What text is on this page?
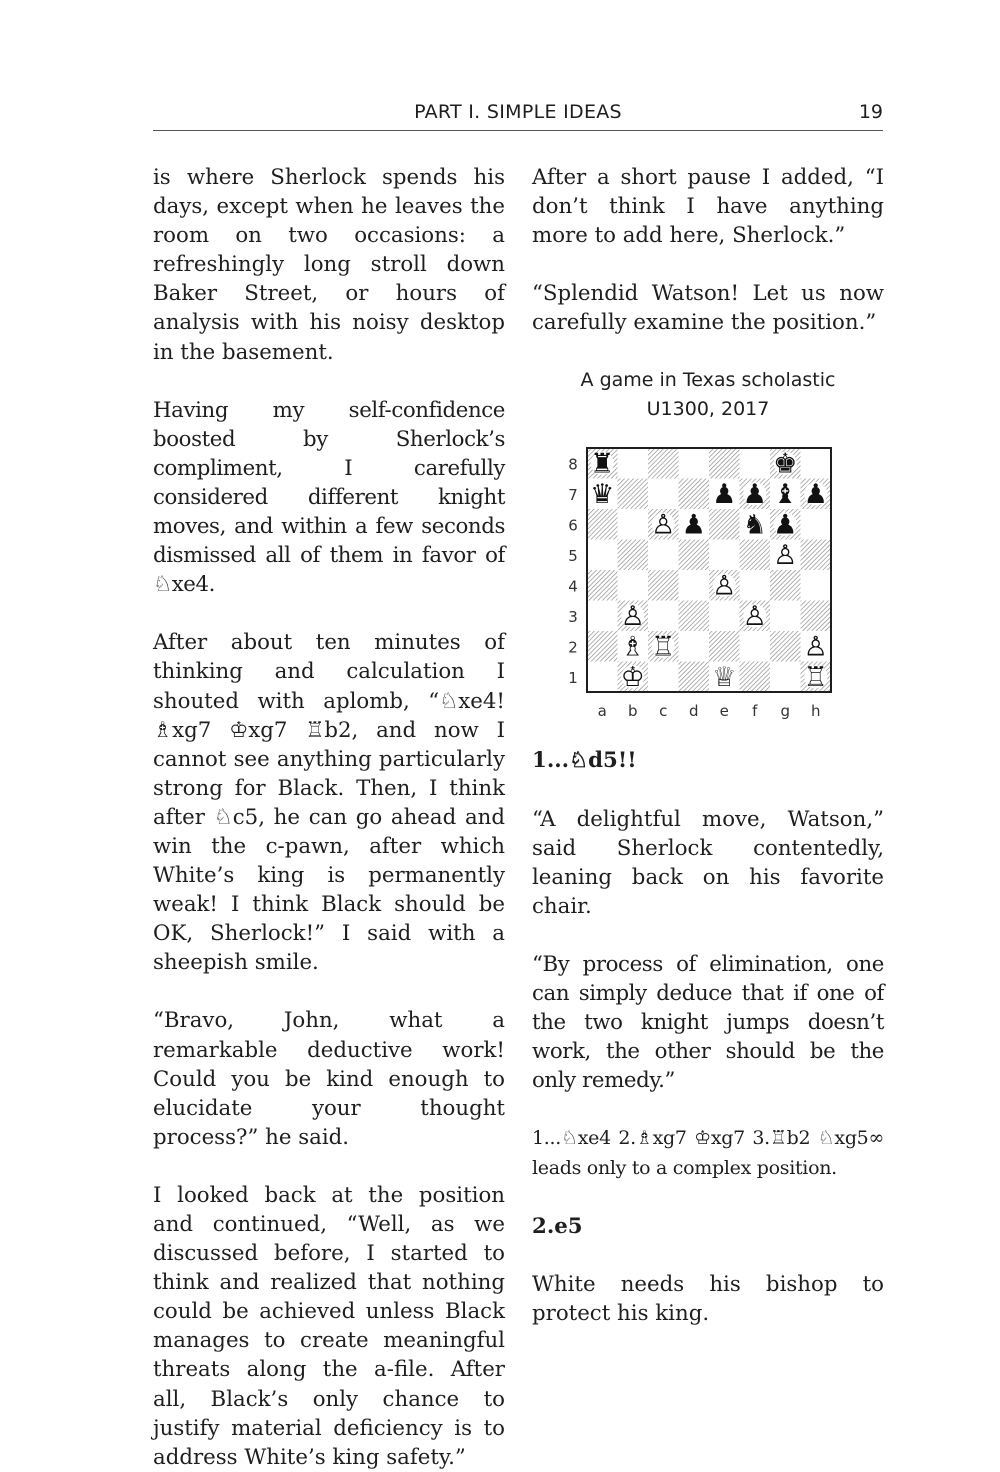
PART I. SIMPLE IDEAS	19

is where Sherlock spends his days, except when he leaves the room on two occasions: a refreshingly long stroll down Baker Street, or hours of analysis with his noisy desktop in the basement.

Having my self-confidence boosted by Sherlock’s compliment, I carefully considered different knight moves, and within a few seconds dismissed all of them in favor of ♘xe4.

After about ten minutes of thinking and calculation I shouted with aplomb, “♘xe4! ♗xg7 ♔xg7 ♖b2, and now I cannot see anything particularly strong for Black. Then, I think after ♘c5, he can go ahead and win the c-pawn, after which White’s king is permanently weak! I think Black should be OK, Sherlock!” I said with a sheepish smile.

“Bravo, John, what a remarkable deductive work! Could you be kind enough to elucidate your thought process?” he said.

I looked back at the position and continued, “Well, as we discussed before, I started to think and realized that nothing could be achieved unless Black manages to create meaningful threats along the a-file. After all, Black’s only chance to justify material deficiency is to address White’s king safety.”

After a short pause I added, “I don’t think I have anything more to add here, Sherlock.”

“Splendid Watson! Let us now carefully examine the position.”

A game in Texas scholastic
U1300, 2017
8
7
6
5
4
3
2
1
a b c d e f g h
♜	♚
♛	♟ ♟ ♝ ♟
♙ ♟ ♞ ♟
♙
♙
♙	♙
♗ ♖	♙
♔ ♕ ♖

1...♘d5!!

“A delightful move, Watson,” said Sherlock contentedly, leaning back on his favorite chair.

“By process of elimination, one can simply deduce that if one of the two knight jumps doesn’t work, the other should be the only remedy.”

1...♘xe4 2.♗xg7 ♔xg7 3.♖b2 ♘xg5∞ leads only to a complex position.

2.e5

White needs his bishop to protect his king.
